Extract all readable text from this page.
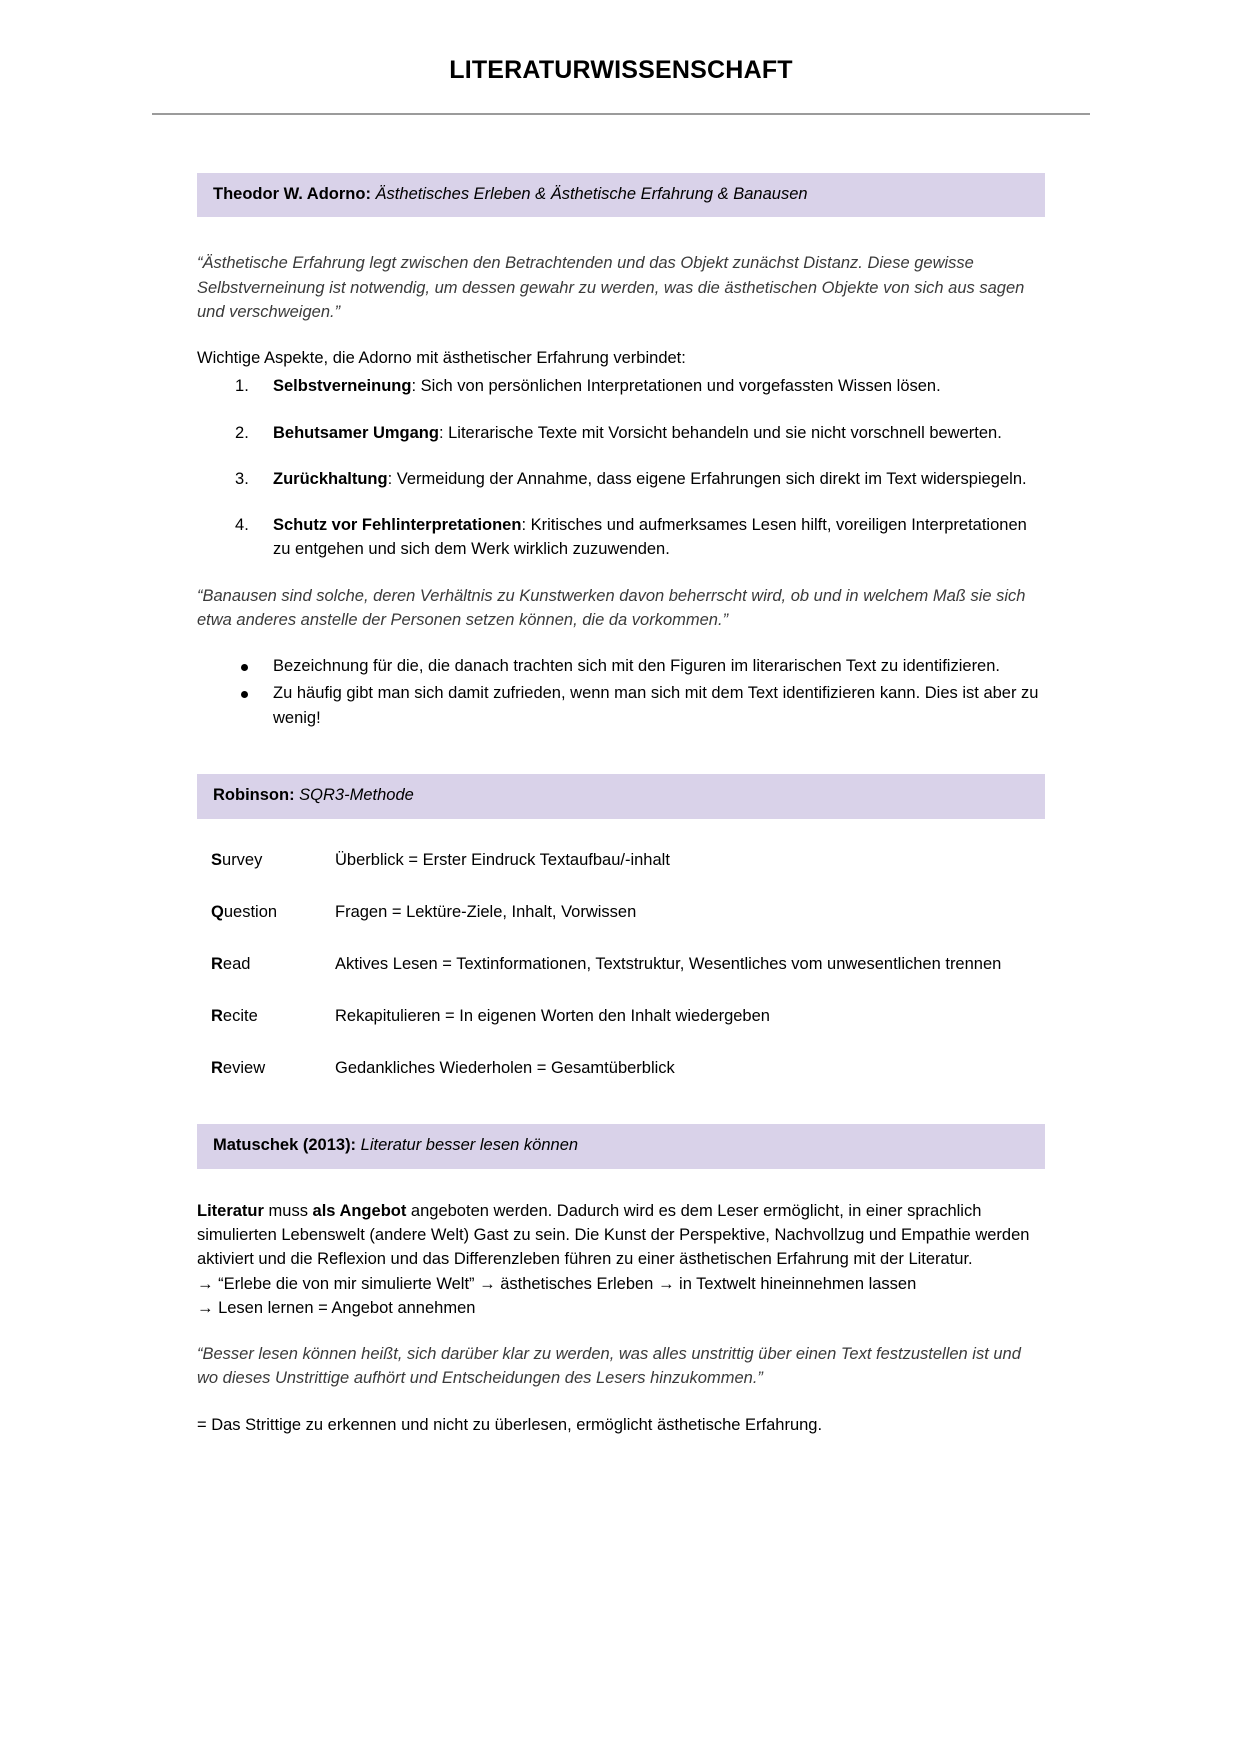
LITERATURWISSENSCHAFT
Theodor W. Adorno: Ästhetisches Erleben & Ästhetische Erfahrung & Banausen

“Ästhetische Erfahrung legt zwischen den Betrachtenden und das Objekt zunächst Distanz. Diese gewisse Selbstverneinung ist notwendig, um dessen gewahr zu werden, was die ästhetischen Objekte von sich aus sagen und verschweigen.”

Wichtige Aspekte, die Adorno mit ästhetischer Erfahrung verbindet:

Selbstverneinung: Sich von persönlichen Interpretationen und vorgefassten Wissen lösen.
Behutsamer Umgang: Literarische Texte mit Vorsicht behandeln und sie nicht vorschnell bewerten.
Zurückhaltung: Vermeidung der Annahme, dass eigene Erfahrungen sich direkt im Text widerspiegeln.
Schutz vor Fehlinterpretationen: Kritisches und aufmerksames Lesen hilft, voreiligen Interpretationen zu entgehen und sich dem Werk wirklich zuzuwenden.

“Banausen sind solche, deren Verhältnis zu Kunstwerken davon beherrscht wird, ob und in welchem Maß sie sich etwa anderes anstelle der Personen setzen können, die da vorkommen.”

Bezeichnung für die, die danach trachten sich mit den Figuren im literarischen Text zu identifizieren.
Zu häufig gibt man sich damit zufrieden, wenn man sich mit dem Text identifizieren kann. Dies ist aber zu wenig!
Robinson: SQR3-Methode
Survey	Überblick = Erster Eindruck Textaufbau/-inhalt
Question	Fragen = Lektüre-Ziele, Inhalt, Vorwissen
Read	Aktives Lesen = Textinformationen, Textstruktur, Wesentliches vom unwesentlichen trennen
Recite	Rekapitulieren = In eigenen Worten den Inhalt wiedergeben
Review	Gedankliches Wiederholen = Gesamtüberblick
Matuschek (2013): Literatur besser lesen können

Literatur muss als Angebot angeboten werden. Dadurch wird es dem Leser ermöglicht, in einer sprachlich simulierten Lebenswelt (andere Welt) Gast zu sein. Die Kunst der Perspektive, Nachvollzug und Empathie werden aktiviert und die Reflexion und das Differenzleben führen zu einer ästhetischen Erfahrung mit der Literatur.

→ “Erlebe die von mir simulierte Welt” → ästhetisches Erleben → in Textwelt hineinnehmen lassen

→ Lesen lernen = Angebot annehmen

“Besser lesen können heißt, sich darüber klar zu werden, was alles unstrittig über einen Text festzustellen ist und wo dieses Unstrittige aufhört und Entscheidungen des Lesers hinzukommen.”

= Das Strittige zu erkennen und nicht zu überlesen, ermöglicht ästhetische Erfahrung.
